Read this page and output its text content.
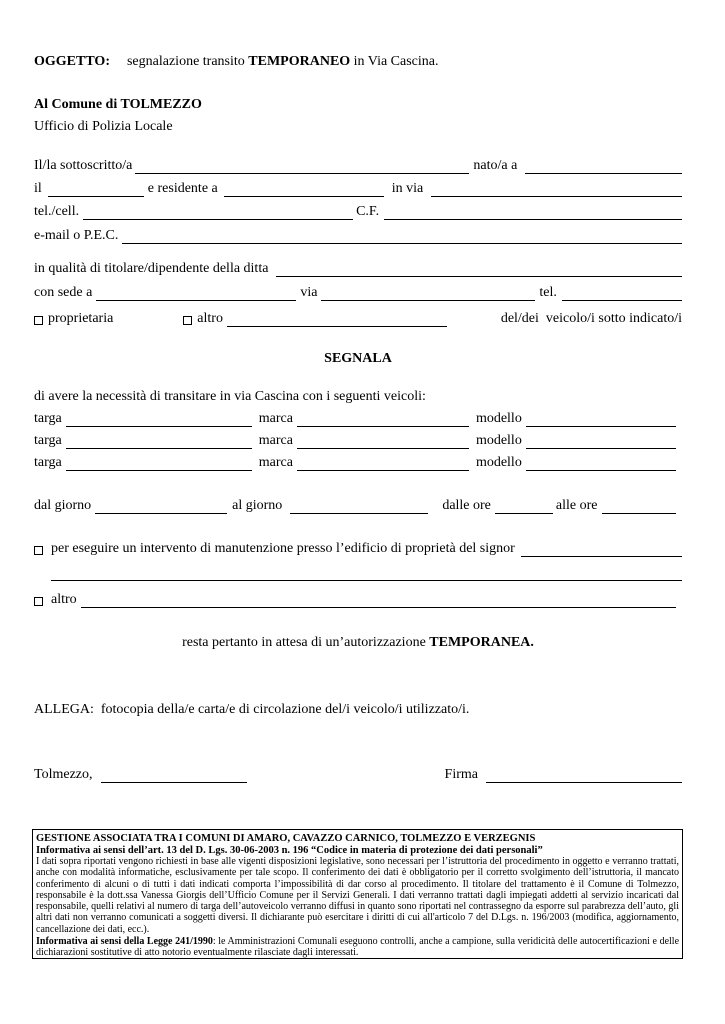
OGGETTO: segnalazione transito
TEMPORANEO
in Via Cascina.
Al Comune di TOLMEZZO
Ufficio di Polizia Locale
Il/la sottoscritto/a	nato/a a
il	e residente a	in via
tel./cell.	C.F.
e-mail o P.E.C.
in qualità di titolare/dipendente della ditta
con sede a	via	tel.
proprietaria	altro	del/dei  veicolo/i sotto indicato/i
SEGNALA
di avere la necessità di transitare in via Cascina con i seguenti veicoli:
targa	marca	modello
targa	marca	modello
targa	marca	modello
dal giorno	al giorno	dalle ore	alle ore
per eseguire un intervento di manutenzione presso l’edificio di proprietà del signor
altro
resta pertanto in attesa di un’autorizzazione
TEMPORANEA.
ALLEGA:  fotocopia della/e carta/e di circolazione del/i veicolo/i utilizzato/i.
Tolmezzo,	Firma
GESTIONE ASSOCIATA TRA I COMUNI DI AMARO, CAVAZZO CARNICO, TOLMEZZO E VERZEGNIS
Informativa ai sensi dell’art. 13 del D. Lgs. 30-06-2003 n. 196 “Codice in materia di protezione dei dati personali”
I dati sopra riportati vengono richiesti in base alle vigenti disposizioni legislative, sono necessari per l’istruttoria del procedimento in oggetto e verranno trattati, anche con modalità informatiche, esclusivamente per tale scopo. Il conferimento dei dati è obbligatorio per il corretto svolgimento dell’istruttoria, il mancato conferimento di alcuni o di tutti i dati indicati comporta l’impossibilità di dar corso al procedimento. Il titolare del trattamento è il Comune di Tolmezzo, responsabile è la dott.ssa Vanessa Giorgis dell’Ufficio Comune per il Servizi Generali. I dati verranno trattati dagli impiegati addetti al servizio incaricati dal responsabile, quelli relativi al numero di targa dell’autoveicolo verranno diffusi in quanto sono riportati nel contrassegno da esporre sul parabrezza dell’auto, gli altri dati non verranno comunicati a soggetti diversi. Il dichiarante può esercitare i diritti di cui all'articolo 7 del D.Lgs. n. 196/2003 (modifica, aggiornamento, cancellazione dei dati, ecc.).
Informativa ai sensi della Legge 241/1990: le Amministrazioni Comunali eseguono controlli, anche a campione, sulla veridicità delle autocertificazioni e delle dichiarazioni sostitutive di atto notorio eventualmente rilasciate dagli interessati.
